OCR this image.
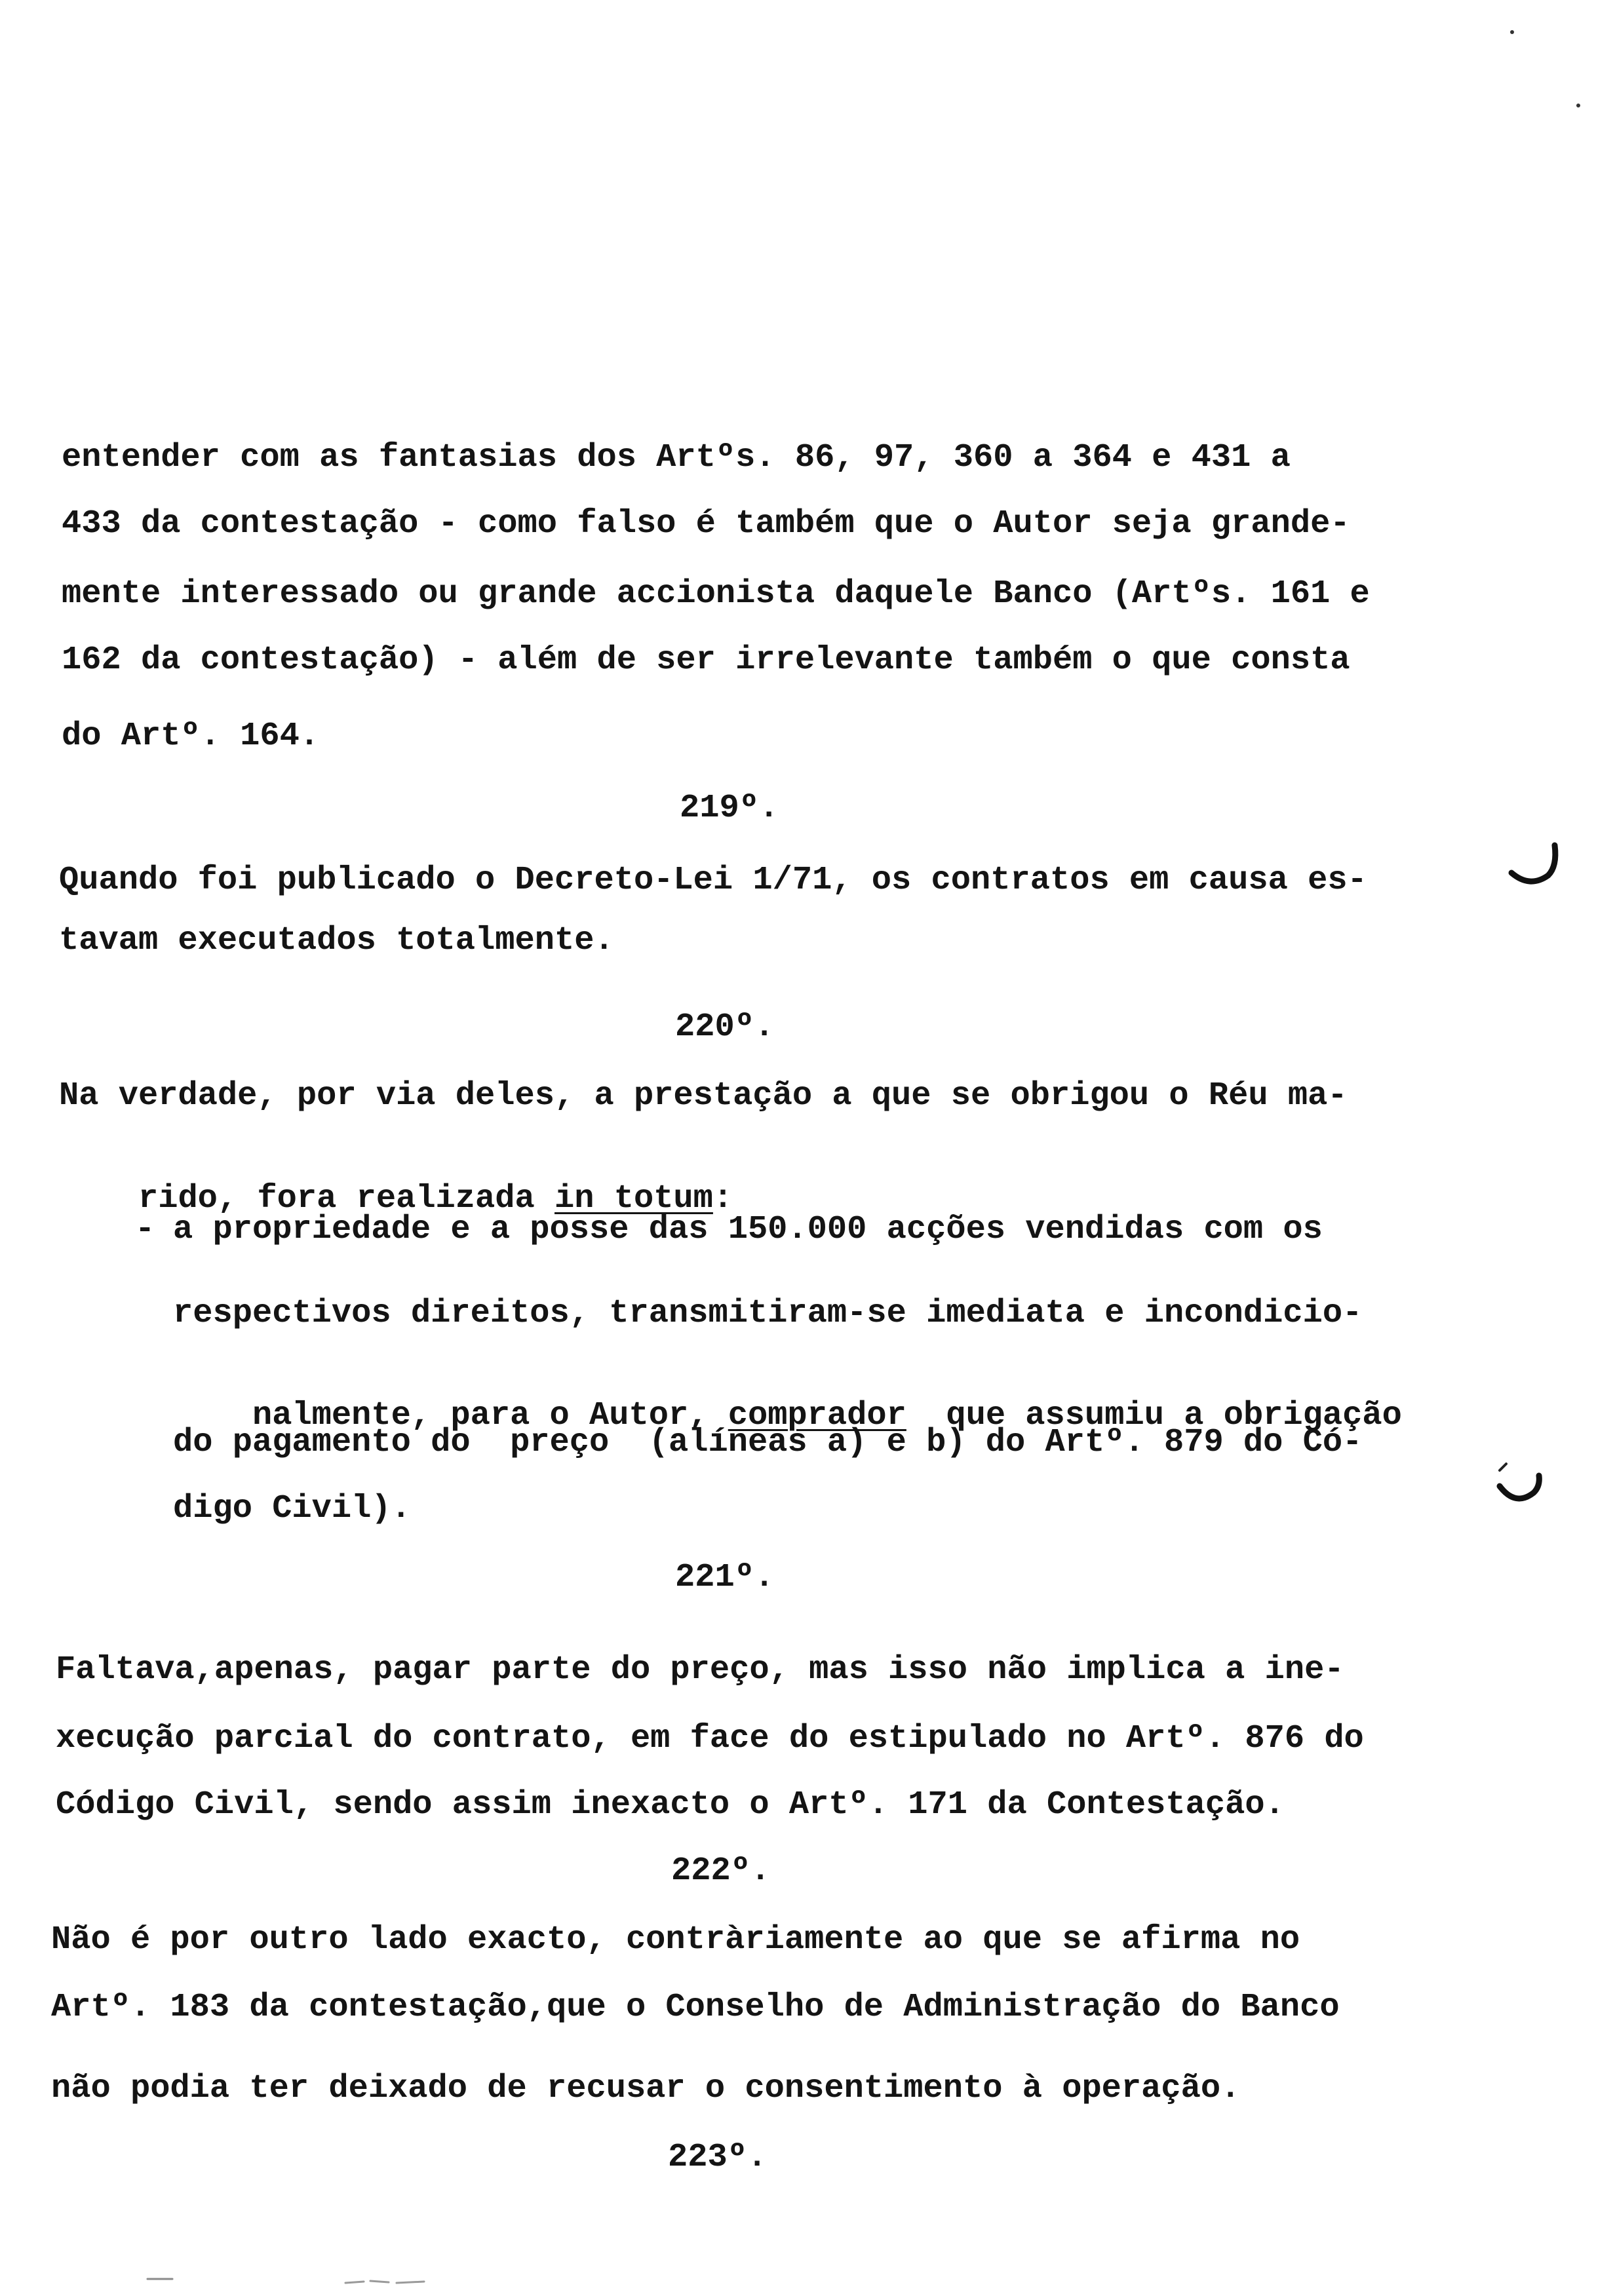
entender com as fantasias dos Artºs. 86, 97, 360 a 364 e 431 a
433 da contestação - como falso é também que o Autor seja grande-
mente interessado ou grande accionista daquele Banco (Artºs. 161 e
162 da contestação) - além de ser irrelevante também o que consta
do Artº. 164.
219º.
Quando foi publicado o Decreto-Lei 1/71, os contratos em causa es-
tavam executados totalmente.
220º.
Na verdade, por via deles, a prestação a que se obrigou o Réu ma-

rido, fora realizada in totum:

- a propriedade e a posse das 150.000 acções vendidas com os
respectivos direitos, transmitiram-se imediata e incondicio-

nalmente, para o Autor, comprador  que assumiu a obrigação

do pagamento do  preço  (alíneas a) e b) do Artº. 879 do Có-
digo Civil).
221º.
Faltava,apenas, pagar parte do preço, mas isso não implica a ine-
xecução parcial do contrato, em face do estipulado no Artº. 876 do
Código Civil, sendo assim inexacto o Artº. 171 da Contestação.
222º.
Não é por outro lado exacto, contràriamente ao que se afirma no
Artº. 183 da contestação,que o Conselho de Administração do Banco
não podia ter deixado de recusar o consentimento à operação.
223º.
